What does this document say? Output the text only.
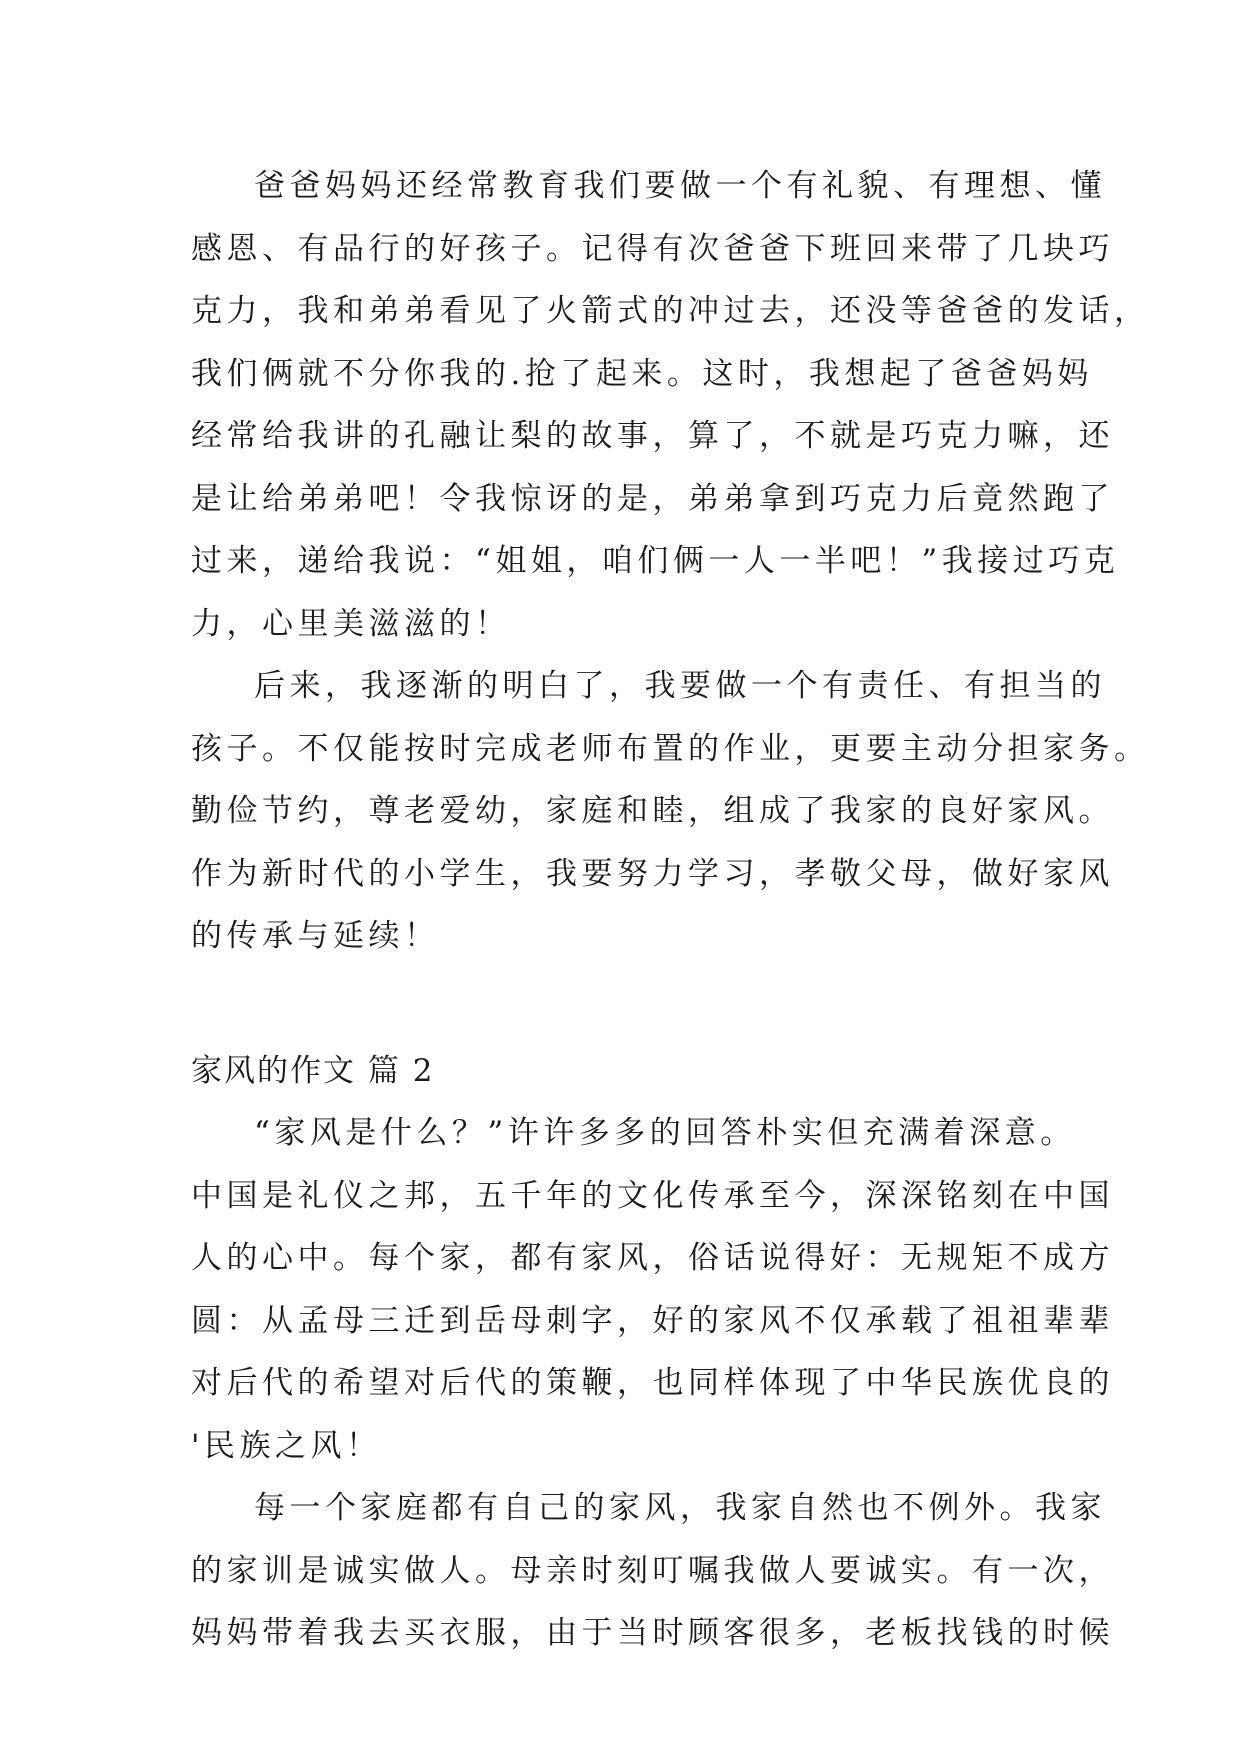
爸爸妈妈还经常教育我们要做一个有礼貌、有理想、懂
感恩、有品行的好孩子。记得有次爸爸下班回来带了几块巧
克力，我和弟弟看见了火箭式的冲过去，还没等爸爸的发话，
我们俩就不分你我的.抢了起来。这时，我想起了爸爸妈妈
经常给我讲的孔融让梨的故事，算了，不就是巧克力嘛，还
是让给弟弟吧！令我惊讶的是，弟弟拿到巧克力后竟然跑了
过来，递给我说：“姐姐，咱们俩一人一半吧！”我接过巧克
力，心里美滋滋的！
后来，我逐渐的明白了，我要做一个有责任、有担当的
孩子。不仅能按时完成老师布置的作业，更要主动分担家务。
勤俭节约，尊老爱幼，家庭和睦，组成了我家的良好家风。
作为新时代的小学生，我要努力学习，孝敬父母，做好家风
的传承与延续！
家风的作文 篇 2
“家风是什么？”许许多多的回答朴实但充满着深意。
中国是礼仪之邦，五千年的文化传承至今，深深铭刻在中国
人的心中。每个家，都有家风，俗话说得好：无规矩不成方
圆：从孟母三迁到岳母刺字，好的家风不仅承载了祖祖辈辈
对后代的希望对后代的策鞭，也同样体现了中华民族优良的
'民族之风！
每一个家庭都有自己的家风，我家自然也不例外。我家
的家训是诚实做人。母亲时刻叮嘱我做人要诚实。有一次，
妈妈带着我去买衣服，由于当时顾客很多，老板找钱的时候
